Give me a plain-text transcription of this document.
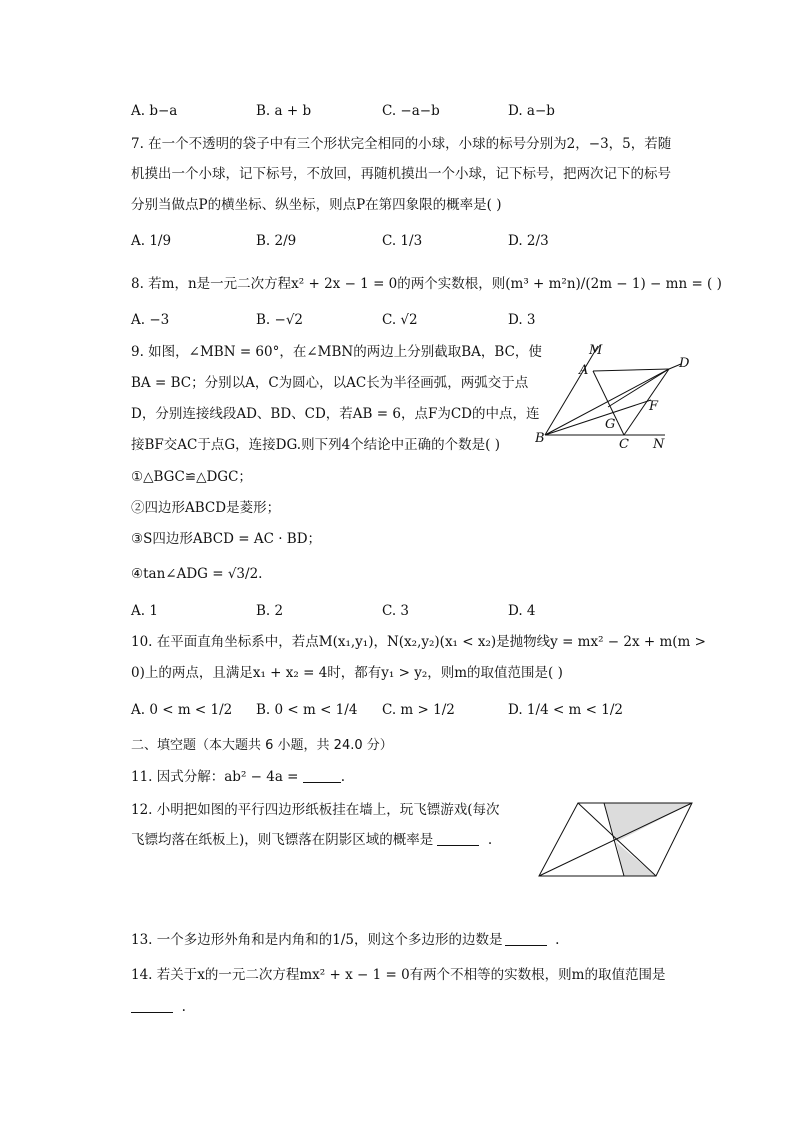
A. b−a	B. a + b	C. −a−b	D. a−b
7. 在一个不透明的袋子中有三个形状完全相同的小球，小球的标号分别为2，−3，5，若随
机摸出一个小球，记下标号，不放回，再随机摸出一个小球，记下标号，把两次记下的标号
分别当做点P的横坐标、纵坐标，则点P在第四象限的概率是( )
A. 1/9	B. 2/9	C. 1/3	D. 2/3
8. 若m，n是一元二次方程x² + 2x − 1 = 0的两个实数根，则(m³ + m²n)/(2m − 1) − mn = ( )
A. −3	B. −√2	C. √2	D. 3
9. 如图，∠MBN = 60°，在∠MBN的两边上分别截取BA，BC，使
BA = BC；分别以A，C为圆心，以AC长为半径画弧，两弧交于点
D，分别连接线段AD、BD、CD，若AB = 6，点F为CD的中点，连
接BF交AC于点G，连接DG.则下列4个结论中正确的个数是( )
①△BGC≌△DGC；
②四边形ABCD是菱形；
③S四边形ABCD = AC · BD；
④tan∠ADG = √3/2.
A. 1	B. 2	C. 3	D. 4
M
A	D
F
G
B	C N
10. 在平面直角坐标系中，若点M(x₁,y₁)，N(x₂,y₂)(x₁ < x₂)是抛物线y = mx² − 2x + m(m >
0)上的两点，且满足x₁ + x₂ = 4时，都有y₁ > y₂，则m的取值范围是( )
A. 0 < m < 1/2 B. 0 < m < 1/4 C. m > 1/2	D. 1/4 < m < 1/2
二、填空题（本大题共 6 小题，共 24.0 分）
11. 因式分解：ab² − 4a =	.
12. 小明把如图的平行四边形纸板挂在墙上，玩飞镖游戏(每次
飞镖均落在纸板上)，则飞镖落在阴影区域的概率是	.
13. 一个多边形外角和是内角和的1/5，则这个多边形的边数是	.
14. 若关于x的一元二次方程mx² + x − 1 = 0有两个不相等的实数根，则m的取值范围是
.
